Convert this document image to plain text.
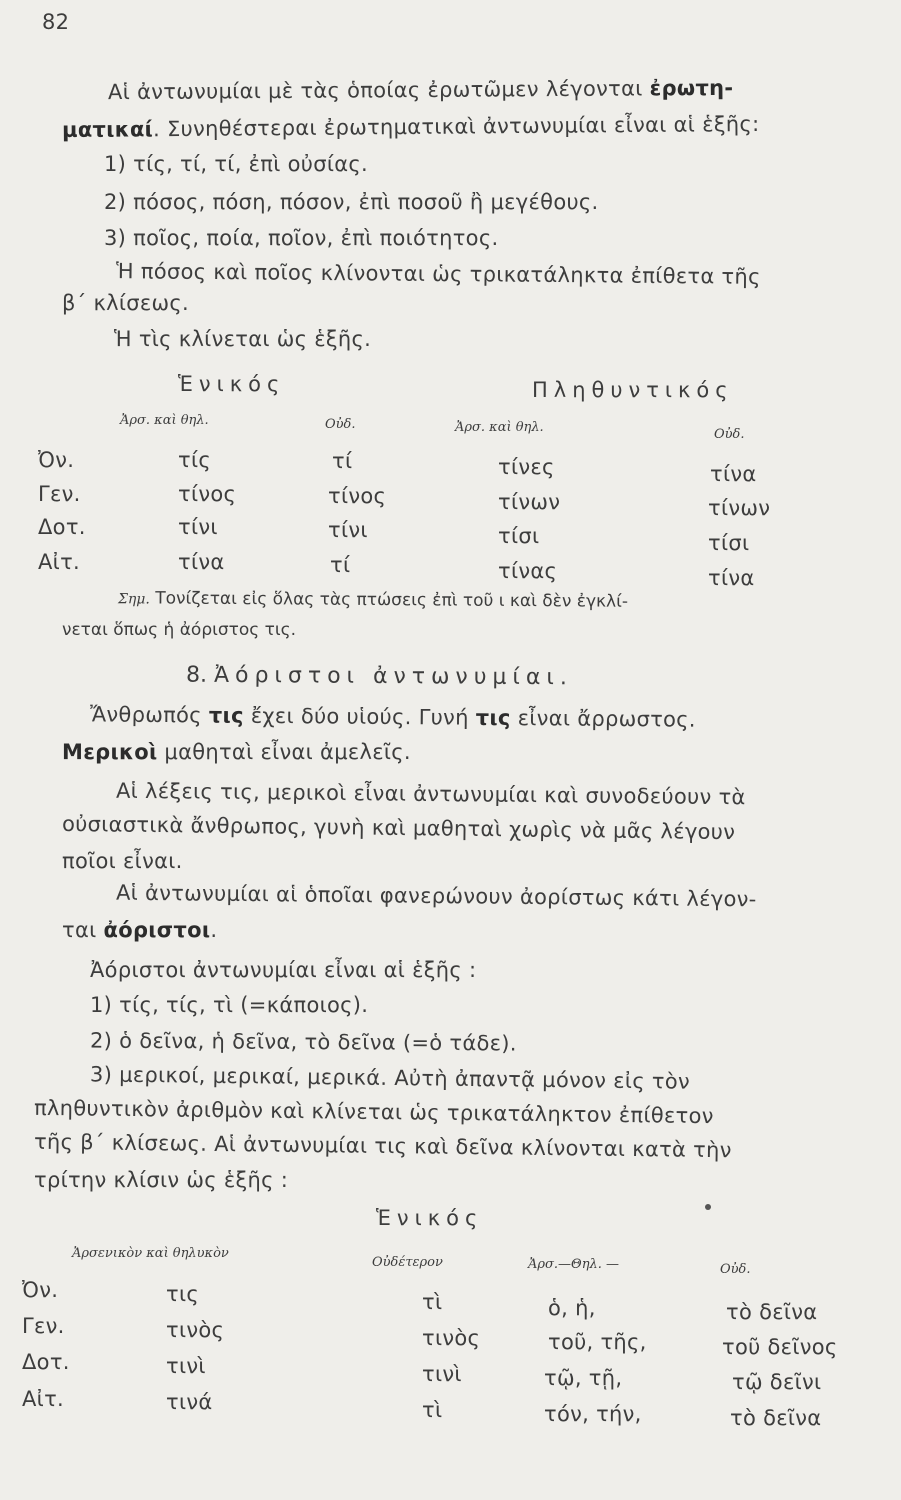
82
Αἱ ἀντωνυμίαι μὲ τὰς ὁποίας ἐρωτῶμεν λέγονται ἐρωτη-
ματικαί. Συνηθέστεραι ἐρωτηματικαὶ ἀντωνυμίαι εἶναι αἱ ἑξῆς:
1) τίς, τί, τί, ἐπὶ οὐσίας.
2) πόσος, πόση, πόσον, ἐπὶ ποσοῦ ἢ μεγέθους.
3) ποῖος, ποία, ποῖον, ἐπὶ ποιότητος.
Ἡ πόσος καὶ ποῖος κλίνονται ὡς τρικατάληκτα ἐπίθετα τῆς
β΄ κλίσεως.
Ἡ τὶς κλίνεται ὡς ἑξῆς.
Ἑνικός	Πληθυντικός
Ἀρσ. καὶ θηλ.	Οὐδ.	Ἀρσ. καὶ θηλ.	Οὐδ.
Ὀν.	τίς	τί	τίνες	τίνα
Γεν.	τίνος	τίνος	τίνων	τίνων
Δοτ.	τίνι	τίνι	τίσι	τίσι
Αἰτ.	τίνα	τί	τίνας	τίνα
Σημ. Τονίζεται εἰς ὅλας τὰς πτώσεις ἐπὶ τοῦ ι καὶ δὲν ἐγκλί-
νεται ὅπως ἡ ἀόριστος τις.
8. Ἀόριστοι ἀντωνυμίαι.
Ἄνθρωπός τις ἔχει δύο υἱούς. Γυνή τις εἶναι ἄρρωστος.
Μερικοὶ μαθηταὶ εἶναι ἀμελεῖς.
Αἱ λέξεις τις, μερικοὶ εἶναι ἀντωνυμίαι καὶ συνοδεύουν τὰ
οὐσιαστικὰ ἄνθρωπος, γυνὴ καὶ μαθηταὶ χωρὶς νὰ μᾶς λέγουν
ποῖοι εἶναι.
Αἱ ἀντωνυμίαι αἱ ὁποῖαι φανερώνουν ἀορίστως κάτι λέγον-
ται ἀόριστοι.
Ἀόριστοι ἀντωνυμίαι εἶναι αἱ ἑξῆς :
1) τίς, τίς, τὶ (=κάποιος).
2) ὁ δεῖνα, ἡ δεῖνα, τὸ δεῖνα (=ὁ τάδε).
3) μερικοί, μερικαί, μερικά. Αὐτὴ ἀπαντᾷ μόνον εἰς τὸν
πληθυντικὸν ἀριθμὸν καὶ κλίνεται ὡς τρικατάληκτον ἐπίθετον
τῆς β΄ κλίσεως. Αἱ ἀντωνυμίαι τις καὶ δεῖνα κλίνονται κατὰ τὴν
τρίτην κλίσιν ὡς ἑξῆς :
Ἑνικός
Ἀρσενικὸν καὶ θηλυκὸν
Οὐδέτερον	Ἀρσ.—Θηλ. —	Οὐδ.
Ὀν.	τις	τὶ	ὁ, ἡ,	τὸ δεῖνα
Γεν.	τινὸς	τινὸς	τοῦ, τῆς,	τοῦ δεῖνος
Δοτ.	τινὶ	τινὶ	τῷ, τῇ,	τῷ δεῖνι
Αἰτ.	τινά	τὶ	τόν, τήν,	τὸ δεῖνα
